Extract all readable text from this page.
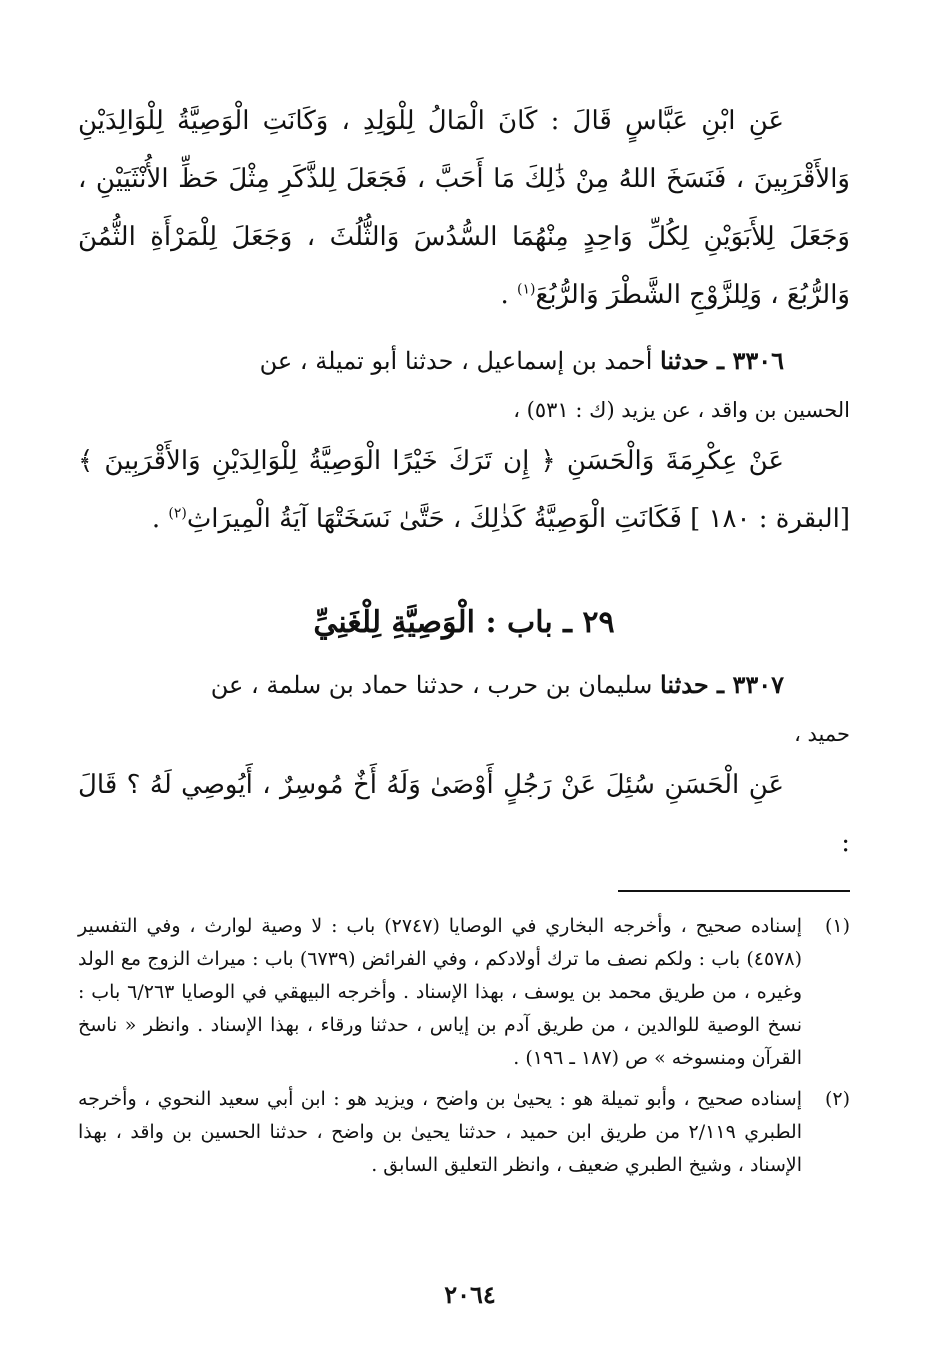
عَنِ ابْنِ عَبَّاسٍ قَالَ : كَانَ الْمَالُ لِلْوَلِدِ ، وَكَانَتِ الْوَصِيَّةُ لِلْوَالِدَيْنِ وَالأَقْرَبِينَ ، فَنَسَخَ اللهُ مِنْ ذَٰلِكَ مَا أَحَبَّ ، فَجَعَلَ لِلذَّكَرِ مِثْلَ حَظِّ الأُنْثَيَيْنِ ، وَجَعَلَ لِلأَبَوَيْنِ لِكُلِّ وَاحِدٍ مِنْهُمَا السُّدُسَ وَالثُّلُثَ ، وَجَعَلَ لِلْمَرْأَةِ الثُّمُنَ وَالرُّبُعَ ، وَلِلزَّوْجِ الشَّطْرَ وَالرُّبُعَ$^{(١)}$ .

٣٣٠٦ ـ حدثنا أحمد بن إسماعيل ، حدثنا أبو تميلة ، عن

الحسين بن واقد ، عن يزيد (ك : ٥٣١) ،

عَنْ عِكْرِمَةَ وَالْحَسَنِ ﴿ إِن تَرَكَ خَيْرًا الْوَصِيَّةُ لِلْوَالِدَيْنِ وَالأَقْرَبِينَ ﴾ [البقرة : ١٨٠ ] فَكَانَتِ الْوَصِيَّةُ كَذٰلِكَ ، حَتَّىٰ نَسَخَتْهَا آيَةُ الْمِيرَاثِ$^{(٢)}$ .

٢٩ ـ باب : الْوَصِيَّةِ لِلْغَنِيِّ

٣٣٠٧ ـ حدثنا سليمان بن حرب ، حدثنا حماد بن سلمة ، عن

حميد ،

عَنِ الْحَسَنِ سُئِلَ عَنْ رَجُلٍ أَوْصَىٰ وَلَهُ أَخٌ مُوسِرٌ ، أَيُوصِي لَهُ ؟ قَالَ :

(١)
إسناده صحيح ، وأخرجه البخاري في الوصايا (٢٧٤٧) باب : لا وصية لوارث ، وفي التفسير (٤٥٧٨) باب : ولكم نصف ما ترك أولادكم ، وفي الفرائض (٦٧٣٩) باب : ميراث الزوج مع الولد وغيره ، من طريق محمد بن يوسف ، بهذا الإسناد . وأخرجه البيهقي في الوصايا ٦/٢٦٣ باب : نسخ الوصية للوالدين ، من طريق آدم بن إياس ، حدثنا ورقاء ، بهذا الإسناد . وانظر « ناسخ القرآن ومنسوخه » ص (١٨٧ ـ ١٩٦) .
(٢)
إسناده صحيح ، وأبو تميلة هو : يحيىٰ بن واضح ، ويزيد هو : ابن أبي سعيد النحوي ، وأخرجه الطبري ٢/١١٩ من طريق ابن حميد ، حدثنا يحيىٰ بن واضح ، حدثنا الحسين بن واقد ، بهذا الإسناد ، وشيخ الطبري ضعيف ، وانظر التعليق السابق .
٢٠٦٤
